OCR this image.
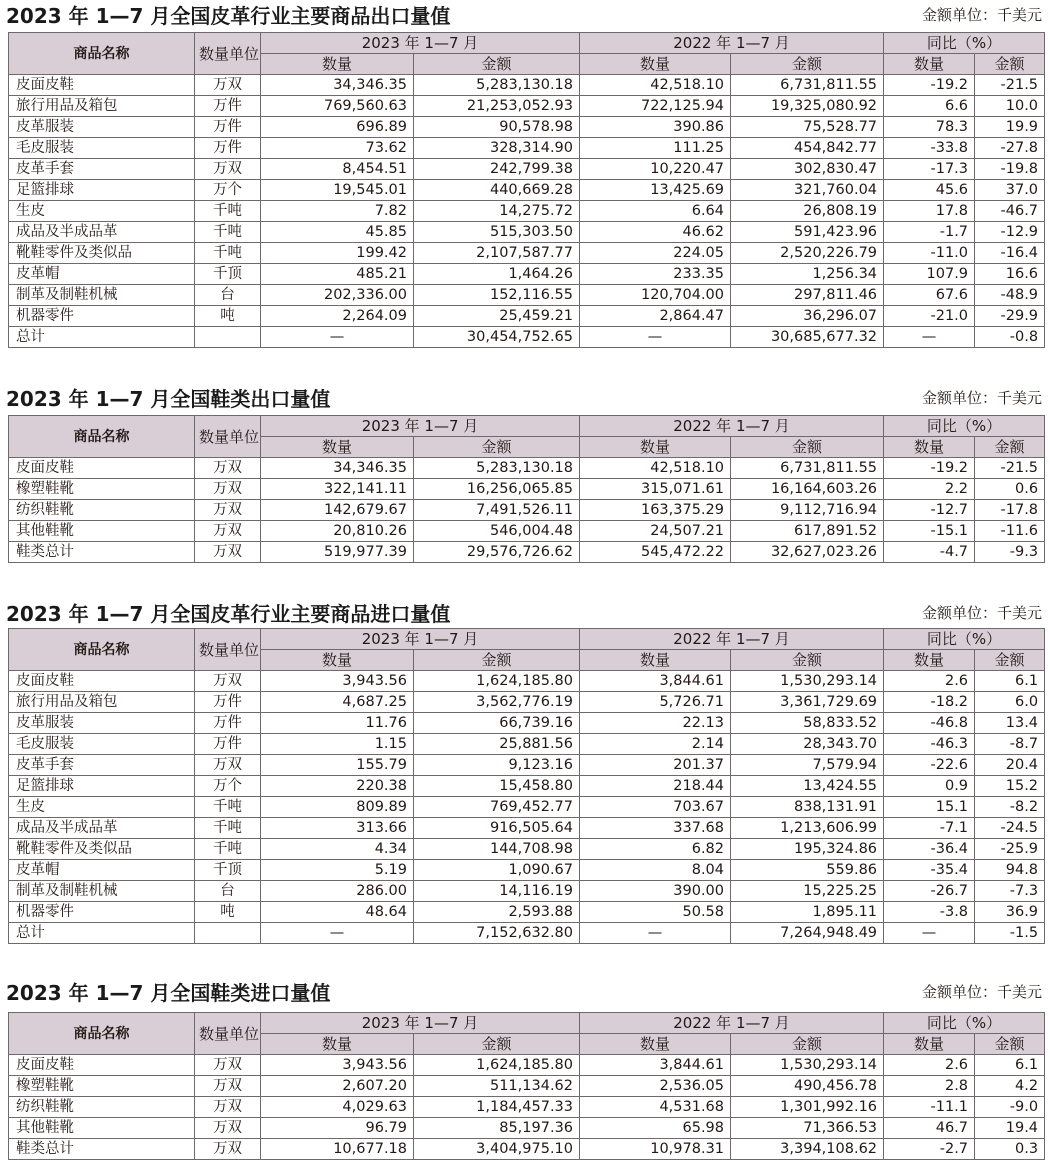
2023 年 1—7 月全国皮革行业主要商品出口量值	金额单位：千美元
商品名称	数量单位	2023 年 1—7 月		2022 年 1—7 月		同比（%）	
		数量	金额	数量	金额	数量	金额
皮面皮鞋	万双	34,346.35	5,283,130.18	42,518.10	6,731,811.55	-19.2	-21.5
旅行用品及箱包	万件	769,560.63	21,253,052.93	722,125.94	19,325,080.92	6.6	10.0
皮革服装	万件	696.89	90,578.98	390.86	75,528.77	78.3	19.9
毛皮服装	万件	73.62	328,314.90	111.25	454,842.77	-33.8	-27.8
皮革手套	万双	8,454.51	242,799.38	10,220.47	302,830.47	-17.3	-19.8
足篮排球	万个	19,545.01	440,669.28	13,425.69	321,760.04	45.6	37.0
生皮	千吨	7.82	14,275.72	6.64	26,808.19	17.8	-46.7
成品及半成品革	千吨	45.85	515,303.50	46.62	591,423.96	-1.7	-12.9
靴鞋零件及类似品	千吨	199.42	2,107,587.77	224.05	2,520,226.79	-11.0	-16.4
皮革帽	千顶	485.21	1,464.26	233.35	1,256.34	107.9	16.6
制革及制鞋机械	台	202,336.00	152,116.55	120,704.00	297,811.46	67.6	-48.9
机器零件	吨	2,264.09	25,459.21	2,864.47	36,296.07	-21.0	-29.9
总计		—	30,454,752.65	—	30,685,677.32	—	-0.8
2023 年 1—7 月全国鞋类出口量值	金额单位：千美元
商品名称	数量单位	2023 年 1—7 月		2022 年 1—7 月		同比（%）	
		数量	金额	数量	金额	数量	金额
皮面皮鞋	万双	34,346.35	5,283,130.18	42,518.10	6,731,811.55	-19.2	-21.5
橡塑鞋靴	万双	322,141.11	16,256,065.85	315,071.61	16,164,603.26	2.2	0.6
纺织鞋靴	万双	142,679.67	7,491,526.11	163,375.29	9,112,716.94	-12.7	-17.8
其他鞋靴	万双	20,810.26	546,004.48	24,507.21	617,891.52	-15.1	-11.6
鞋类总计	万双	519,977.39	29,576,726.62	545,472.22	32,627,023.26	-4.7	-9.3
2023 年 1—7 月全国皮革行业主要商品进口量值	金额单位：千美元
商品名称	数量单位	2023 年 1—7 月		2022 年 1—7 月		同比（%）	
		数量	金额	数量	金额	数量	金额
皮面皮鞋	万双	3,943.56	1,624,185.80	3,844.61	1,530,293.14	2.6	6.1
旅行用品及箱包	万件	4,687.25	3,562,776.19	5,726.71	3,361,729.69	-18.2	6.0
皮革服装	万件	11.76	66,739.16	22.13	58,833.52	-46.8	13.4
毛皮服装	万件	1.15	25,881.56	2.14	28,343.70	-46.3	-8.7
皮革手套	万双	155.79	9,123.16	201.37	7,579.94	-22.6	20.4
足篮排球	万个	220.38	15,458.80	218.44	13,424.55	0.9	15.2
生皮	千吨	809.89	769,452.77	703.67	838,131.91	15.1	-8.2
成品及半成品革	千吨	313.66	916,505.64	337.68	1,213,606.99	-7.1	-24.5
靴鞋零件及类似品	千吨	4.34	144,708.98	6.82	195,324.86	-36.4	-25.9
皮革帽	千顶	5.19	1,090.67	8.04	559.86	-35.4	94.8
制革及制鞋机械	台	286.00	14,116.19	390.00	15,225.25	-26.7	-7.3
机器零件	吨	48.64	2,593.88	50.58	1,895.11	-3.8	36.9
总计		—	7,152,632.80	—	7,264,948.49	—	-1.5
2023 年 1—7 月全国鞋类进口量值	金额单位：千美元
商品名称	数量单位	2023 年 1—7 月		2022 年 1—7 月		同比（%）	
		数量	金额	数量	金额	数量	金额
皮面皮鞋	万双	3,943.56	1,624,185.80	3,844.61	1,530,293.14	2.6	6.1
橡塑鞋靴	万双	2,607.20	511,134.62	2,536.05	490,456.78	2.8	4.2
纺织鞋靴	万双	4,029.63	1,184,457.33	4,531.68	1,301,992.16	-11.1	-9.0
其他鞋靴	万双	96.79	85,197.36	65.98	71,366.53	46.7	19.4
鞋类总计	万双	10,677.18	3,404,975.10	10,978.31	3,394,108.62	-2.7	0.3
